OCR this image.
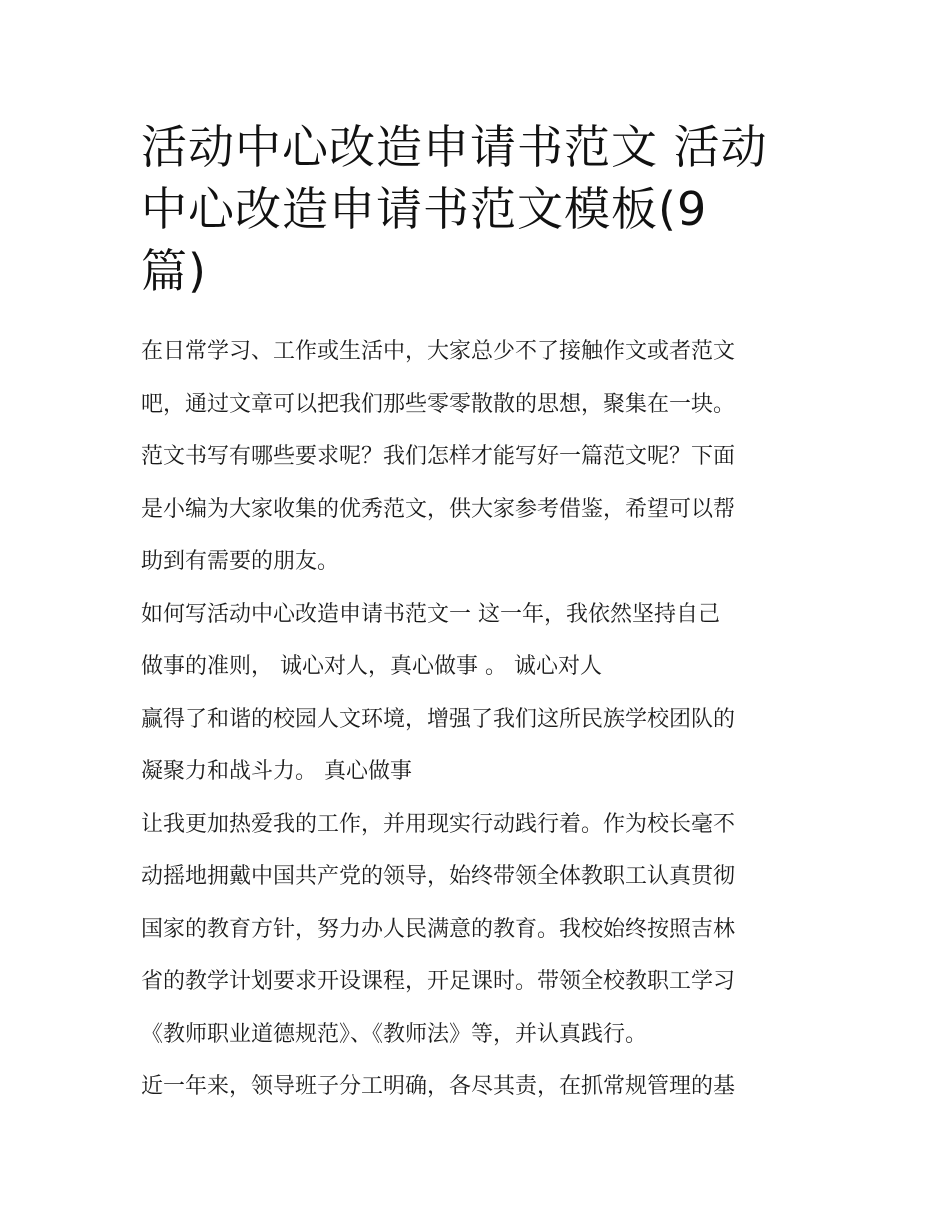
活动中心改造申请书范文 活动
中心改造申请书范文模板(9
篇)

在日常学习、工作或生活中，大家总少不了接触作文或者范文
吧，通过文章可以把我们那些零零散散的思想，聚集在一块。
范文书写有哪些要求呢？我们怎样才能写好一篇范文呢？下面
是小编为大家收集的优秀范文，供大家参考借鉴，希望可以帮
助到有需要的朋友。

如何写活动中心改造申请书范文一 这一年，我依然坚持自己
做事的准则， 诚心对人，真心做事 。 诚心对人

赢得了和谐的校园人文环境，增强了我们这所民族学校团队的
凝聚力和战斗力。 真心做事

让我更加热爱我的工作，并用现实行动践行着。作为校长毫不
动摇地拥戴中国共产党的领导，始终带领全体教职工认真贯彻
国家的教育方针，努力办人民满意的教育。我校始终按照吉林
省的教学计划要求开设课程，开足课时。带领全校教职工学习
《教师职业道德规范》、《教师法》等，并认真践行。

近一年来，领导班子分工明确，各尽其责，在抓常规管理的基
